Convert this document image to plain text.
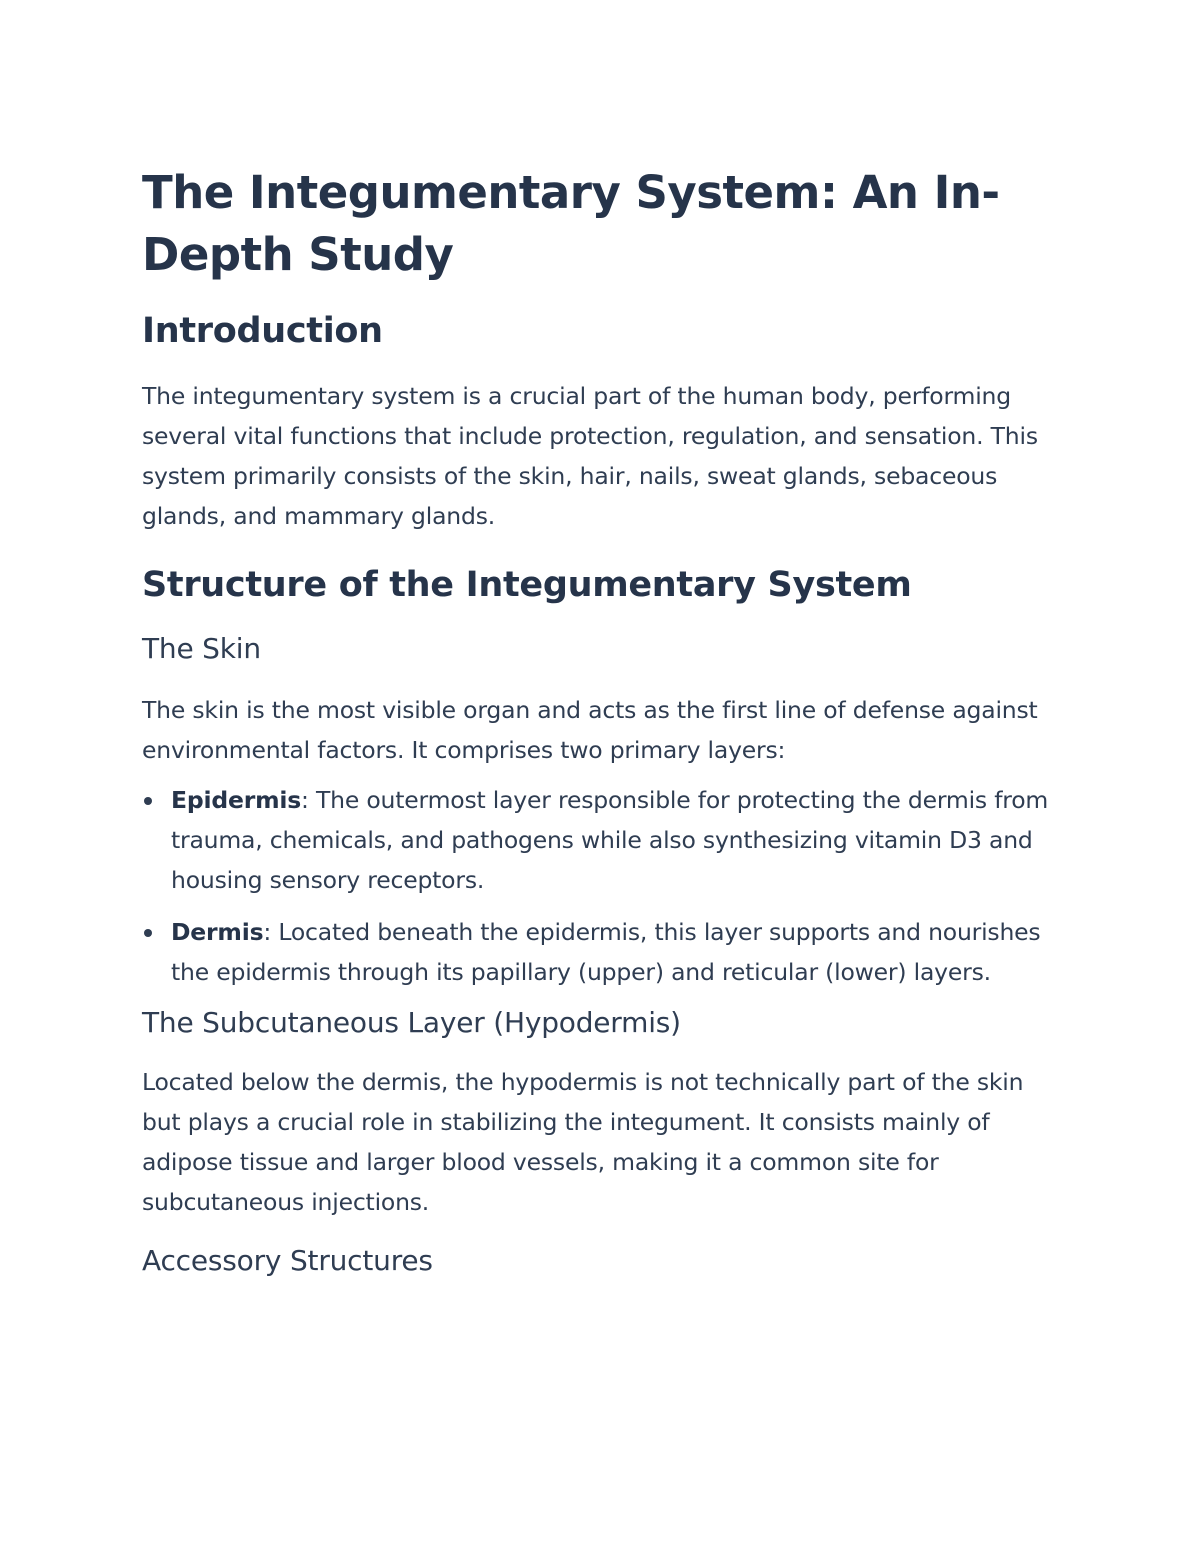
The Integumentary System: An In-Depth Study
Introduction

The integumentary system is a crucial part of the human body, performing several vital functions that include protection, regulation, and sensation. This system primarily consists of the skin, hair, nails, sweat glands, sebaceous glands, and mammary glands.

Structure of the Integumentary System
The Skin

The skin is the most visible organ and acts as the first line of defense against environmental factors. It comprises two primary layers:

Epidermis: The outermost layer responsible for protecting the dermis from trauma, chemicals, and pathogens while also synthesizing vitamin D3 and housing sensory receptors.
Dermis: Located beneath the epidermis, this layer supports and nourishes the epidermis through its papillary (upper) and reticular (lower) layers.
The Subcutaneous Layer (Hypodermis)

Located below the dermis, the hypodermis is not technically part of the skin but plays a crucial role in stabilizing the integument. It consists mainly of adipose tissue and larger blood vessels, making it a common site for subcutaneous injections.

Accessory Structures
